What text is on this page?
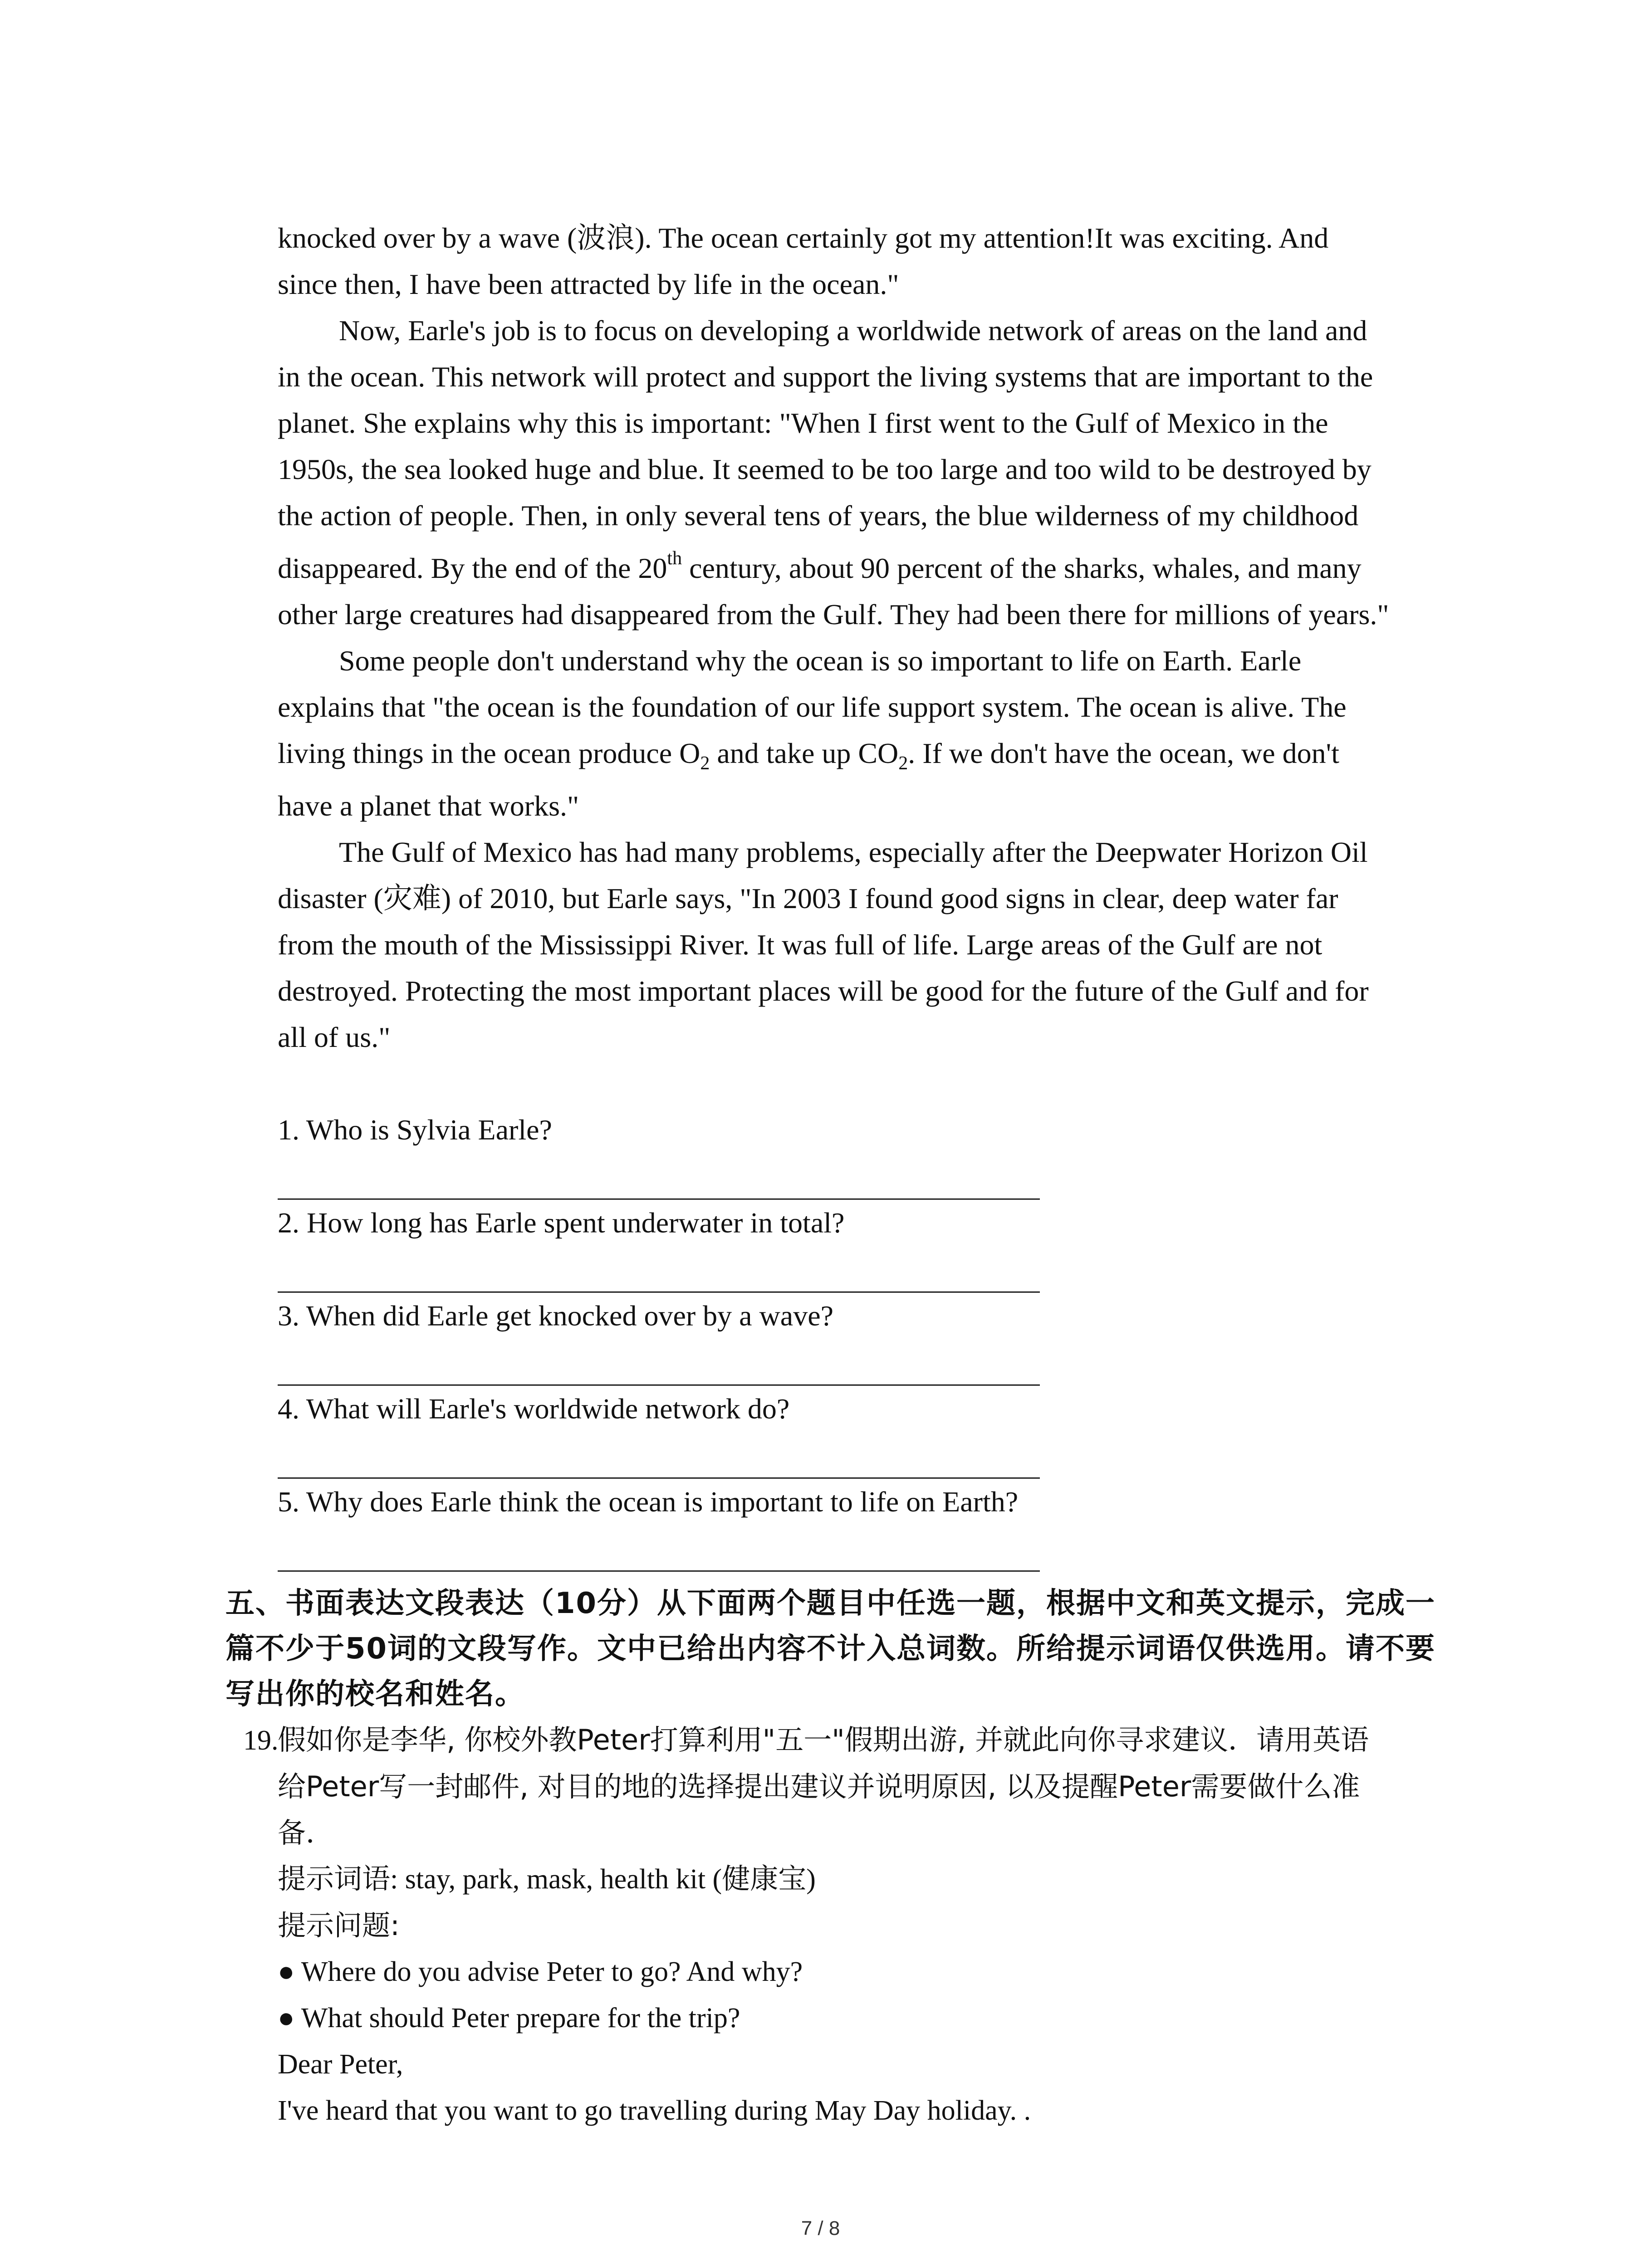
knocked over by a wave (波浪). The ocean certainly got my attention!It was exciting. And
since then, I have been attracted by life in the ocean."
Now, Earle's job is to focus on developing a worldwide network of areas on the land and
in the ocean. This network will protect and support the living systems that are important to the
planet. She explains why this is important: "When I first went to the Gulf of Mexico in the
1950s, the sea looked huge and blue. It seemed to be too large and too wild to be destroyed by
the action of people. Then, in only several tens of years, the blue wilderness of my childhood
disappeared. By the end of the 20th century, about 90 percent of the sharks, whales, and many
other large creatures had disappeared from the Gulf. They had been there for millions of years."
Some people don't understand why the ocean is so important to life on Earth. Earle
explains that "the ocean is the foundation of our life support system. The ocean is alive. The
living things in the ocean produce $O_2$ and take up $CO_2$. If we don't have the ocean, we don't
have a planet that works."
The Gulf of Mexico has had many problems, especially after the Deepwater Horizon Oil
disaster (灾难) of 2010, but Earle says, "In 2003 I found good signs in clear, deep water far
from the mouth of the Mississippi River. It was full of life. Large areas of the Gulf are not
destroyed. Protecting the most important places will be good for the future of the Gulf and for
all of us."
1. Who is Sylvia Earle?
2. How long has Earle spent underwater in total?
3. When did Earle get knocked over by a wave?
4. What will Earle's worldwide network do?
5. Why does Earle think the ocean is important to life on Earth?
五、书面表达文段表达（10分）从下面两个题目中任选一题，根据中文和英文提示，完成一
篇不少于50词的文段写作。文中已给出内容不计入总词数。所给提示词语仅供选用。请不要
写出你的校名和姓名。
19.假如你是李华, 你校外教Peter打算利用"五一"假期出游, 并就此向你寻求建议．请用英语
给Peter写一封邮件, 对目的地的选择提出建议并说明原因, 以及提醒Peter需要做什么准
备．
提示词语: stay, park, mask, health kit (健康宝)
提示问题:
● Where do you advise Peter to go? And why?
● What should Peter prepare for the trip?
Dear Peter,
I've heard that you want to go travelling during May Day holiday. .
7 / 8
